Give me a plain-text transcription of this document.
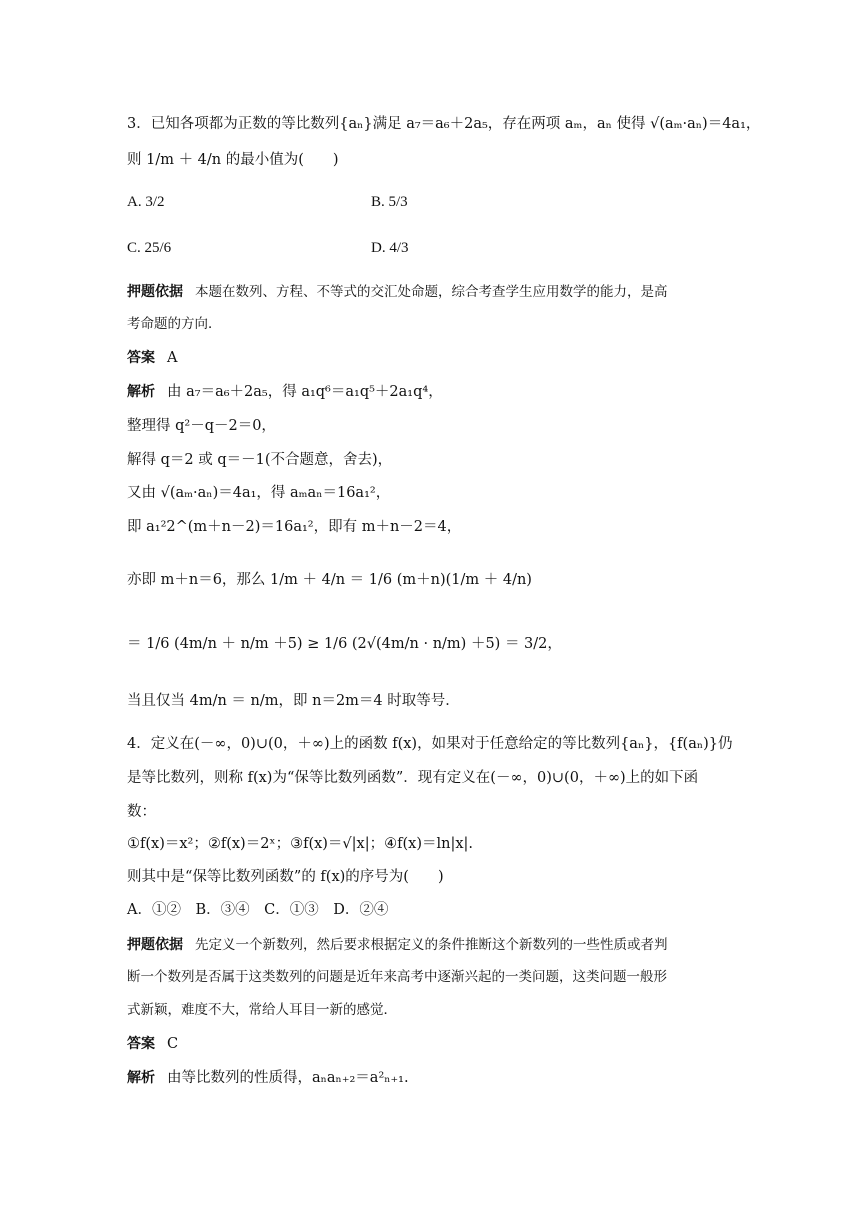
3．已知各项都为正数的等比数列{aₙ}满足 a₇＝a₆＋2a₅，存在两项 aₘ，aₙ 使得 √(aₘ·aₙ)＝4a₁，
则 1/m ＋ 4/n 的最小值为(　　)
A. 3/2	B. 5/3
C. 25/6	D. 4/3
押题依据 本题在数列、方程、不等式的交汇处命题，综合考查学生应用数学的能力，是高
考命题的方向．
答案 A
解析 由 a₇＝a₆＋2a₅，得 a₁q⁶＝a₁q⁵＋2a₁q⁴，
整理得 q²－q－2＝0，
解得 q＝2 或 q＝－1(不合题意，舍去)，
又由 √(aₘ·aₙ)＝4a₁，得 aₘaₙ＝16a₁²，
即 a₁²2^(m＋n－2)＝16a₁²，即有 m＋n－2＝4，
亦即 m＋n＝6，那么 1/m ＋ 4/n ＝ 1/6 (m＋n)(1/m ＋ 4/n)
＝ 1/6 (4m/n ＋ n/m ＋5) ≥ 1/6 (2√(4m/n · n/m) ＋5) ＝ 3/2，
当且仅当 4m/n ＝ n/m，即 n＝2m＝4 时取等号．
4．定义在(－∞，0)∪(0，＋∞)上的函数 f(x)，如果对于任意给定的等比数列{aₙ}，{f(aₙ)}仍
是等比数列，则称 f(x)为“保等比数列函数”．现有定义在(－∞，0)∪(0，＋∞)上的如下函
数：
①f(x)＝x²；②f(x)＝2ˣ；③f(x)＝√|x|；④f(x)＝ln|x|.
则其中是“保等比数列函数”的 f(x)的序号为(　　)
A．①②　B．③④　C．①③　D．②④
押题依据 先定义一个新数列，然后要求根据定义的条件推断这个新数列的一些性质或者判
断一个数列是否属于这类数列的问题是近年来高考中逐渐兴起的一类问题，这类问题一般形
式新颖，难度不大，常给人耳目一新的感觉．
答案 C
解析 由等比数列的性质得，aₙaₙ₊₂＝a²ₙ₊₁.
